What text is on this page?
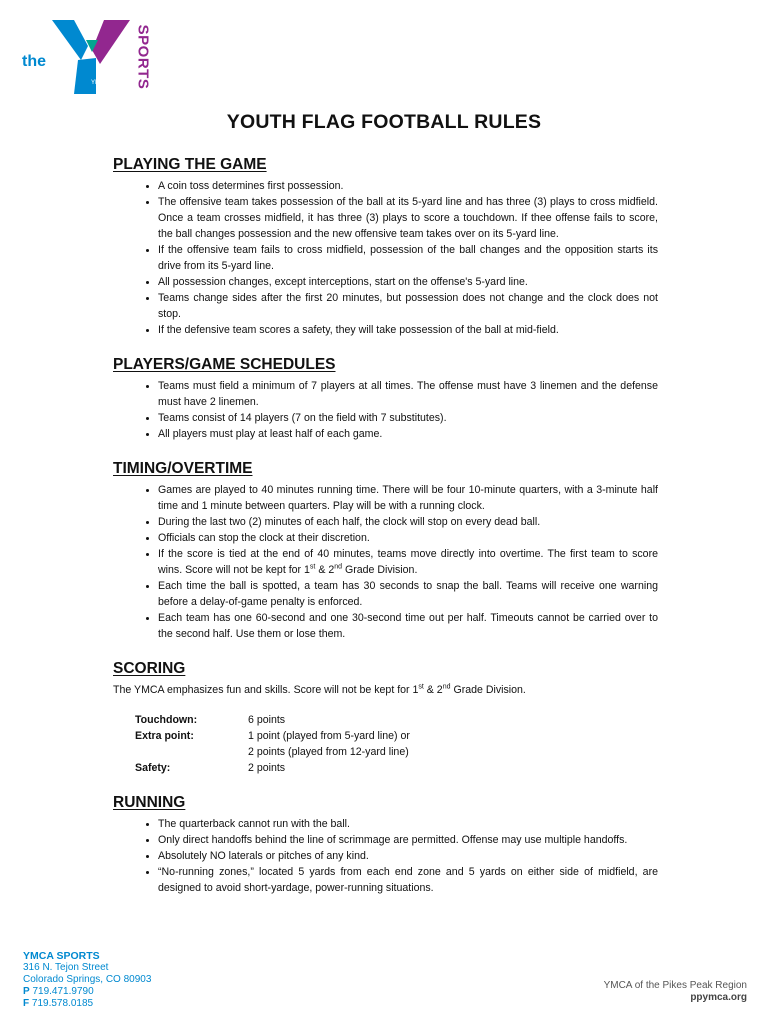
the
YMCA SPORTS
YOUTH FLAG FOOTBALL RULES
PLAYING THE GAME
• A coin toss determines first possession.
• The offensive team takes possession of the ball at its 5-yard line and has three (3) plays to cross midfield. Once a team crosses midfield, it has three (3) plays to score a touchdown. If thee offense fails to score, the ball changes possession and the new offensive team takes over on its 5-yard line.
• If the offensive team fails to cross midfield, possession of the ball changes and the opposition starts its drive from its 5-yard line.
• All possession changes, except interceptions, start on the offense's 5-yard line.
• Teams change sides after the first 20 minutes, but possession does not change and the clock does not stop.
• If the defensive team scores a safety, they will take possession of the ball at mid-field.
PLAYERS/GAME SCHEDULES
• Teams must field a minimum of 7 players at all times. The offense must have 3 linemen and the defense must have 2 linemen.
• Teams consist of 14 players (7 on the field with 7 substitutes).
• All players must play at least half of each game.
TIMING/OVERTIME
• Games are played to 40 minutes running time. There will be four 10-minute quarters, with a 3-minute half time and 1 minute between quarters. Play will be with a running clock.
• During the last two (2) minutes of each half, the clock will stop on every dead ball.
• Officials can stop the clock at their discretion.
• If the score is tied at the end of 40 minutes, teams move directly into overtime. The first team to score wins. Score will not be kept for 1st & 2nd Grade Division.
• Each time the ball is spotted, a team has 30 seconds to snap the ball. Teams will receive one warning before a delay-of-game penalty is enforced.
• Each team has one 60-second and one 30-second time out per half. Timeouts cannot be carried over to the second half. Use them or lose them.
SCORING
The YMCA emphasizes fun and skills. Score will not be kept for 1st & 2nd Grade Division.
Touchdown:	6 points
Extra point:	1 point (played from 5-yard line) or
2 points (played from 12-yard line)
Safety:	2 points
RUNNING
• The quarterback cannot run with the ball.
• Only direct handoffs behind the line of scrimmage are permitted. Offense may use multiple handoffs.
• Absolutely NO laterals or pitches of any kind.
• “No-running zones,” located 5 yards from each end zone and 5 yards on either side of midfield, are designed to avoid short-yardage, power-running situations.
YMCA SPORTS
316 N. Tejon Street
Colorado Springs, CO 80903
P 719.471.9790
F 719.578.0185
YMCA of the Pikes Peak Region
ppymca.org
